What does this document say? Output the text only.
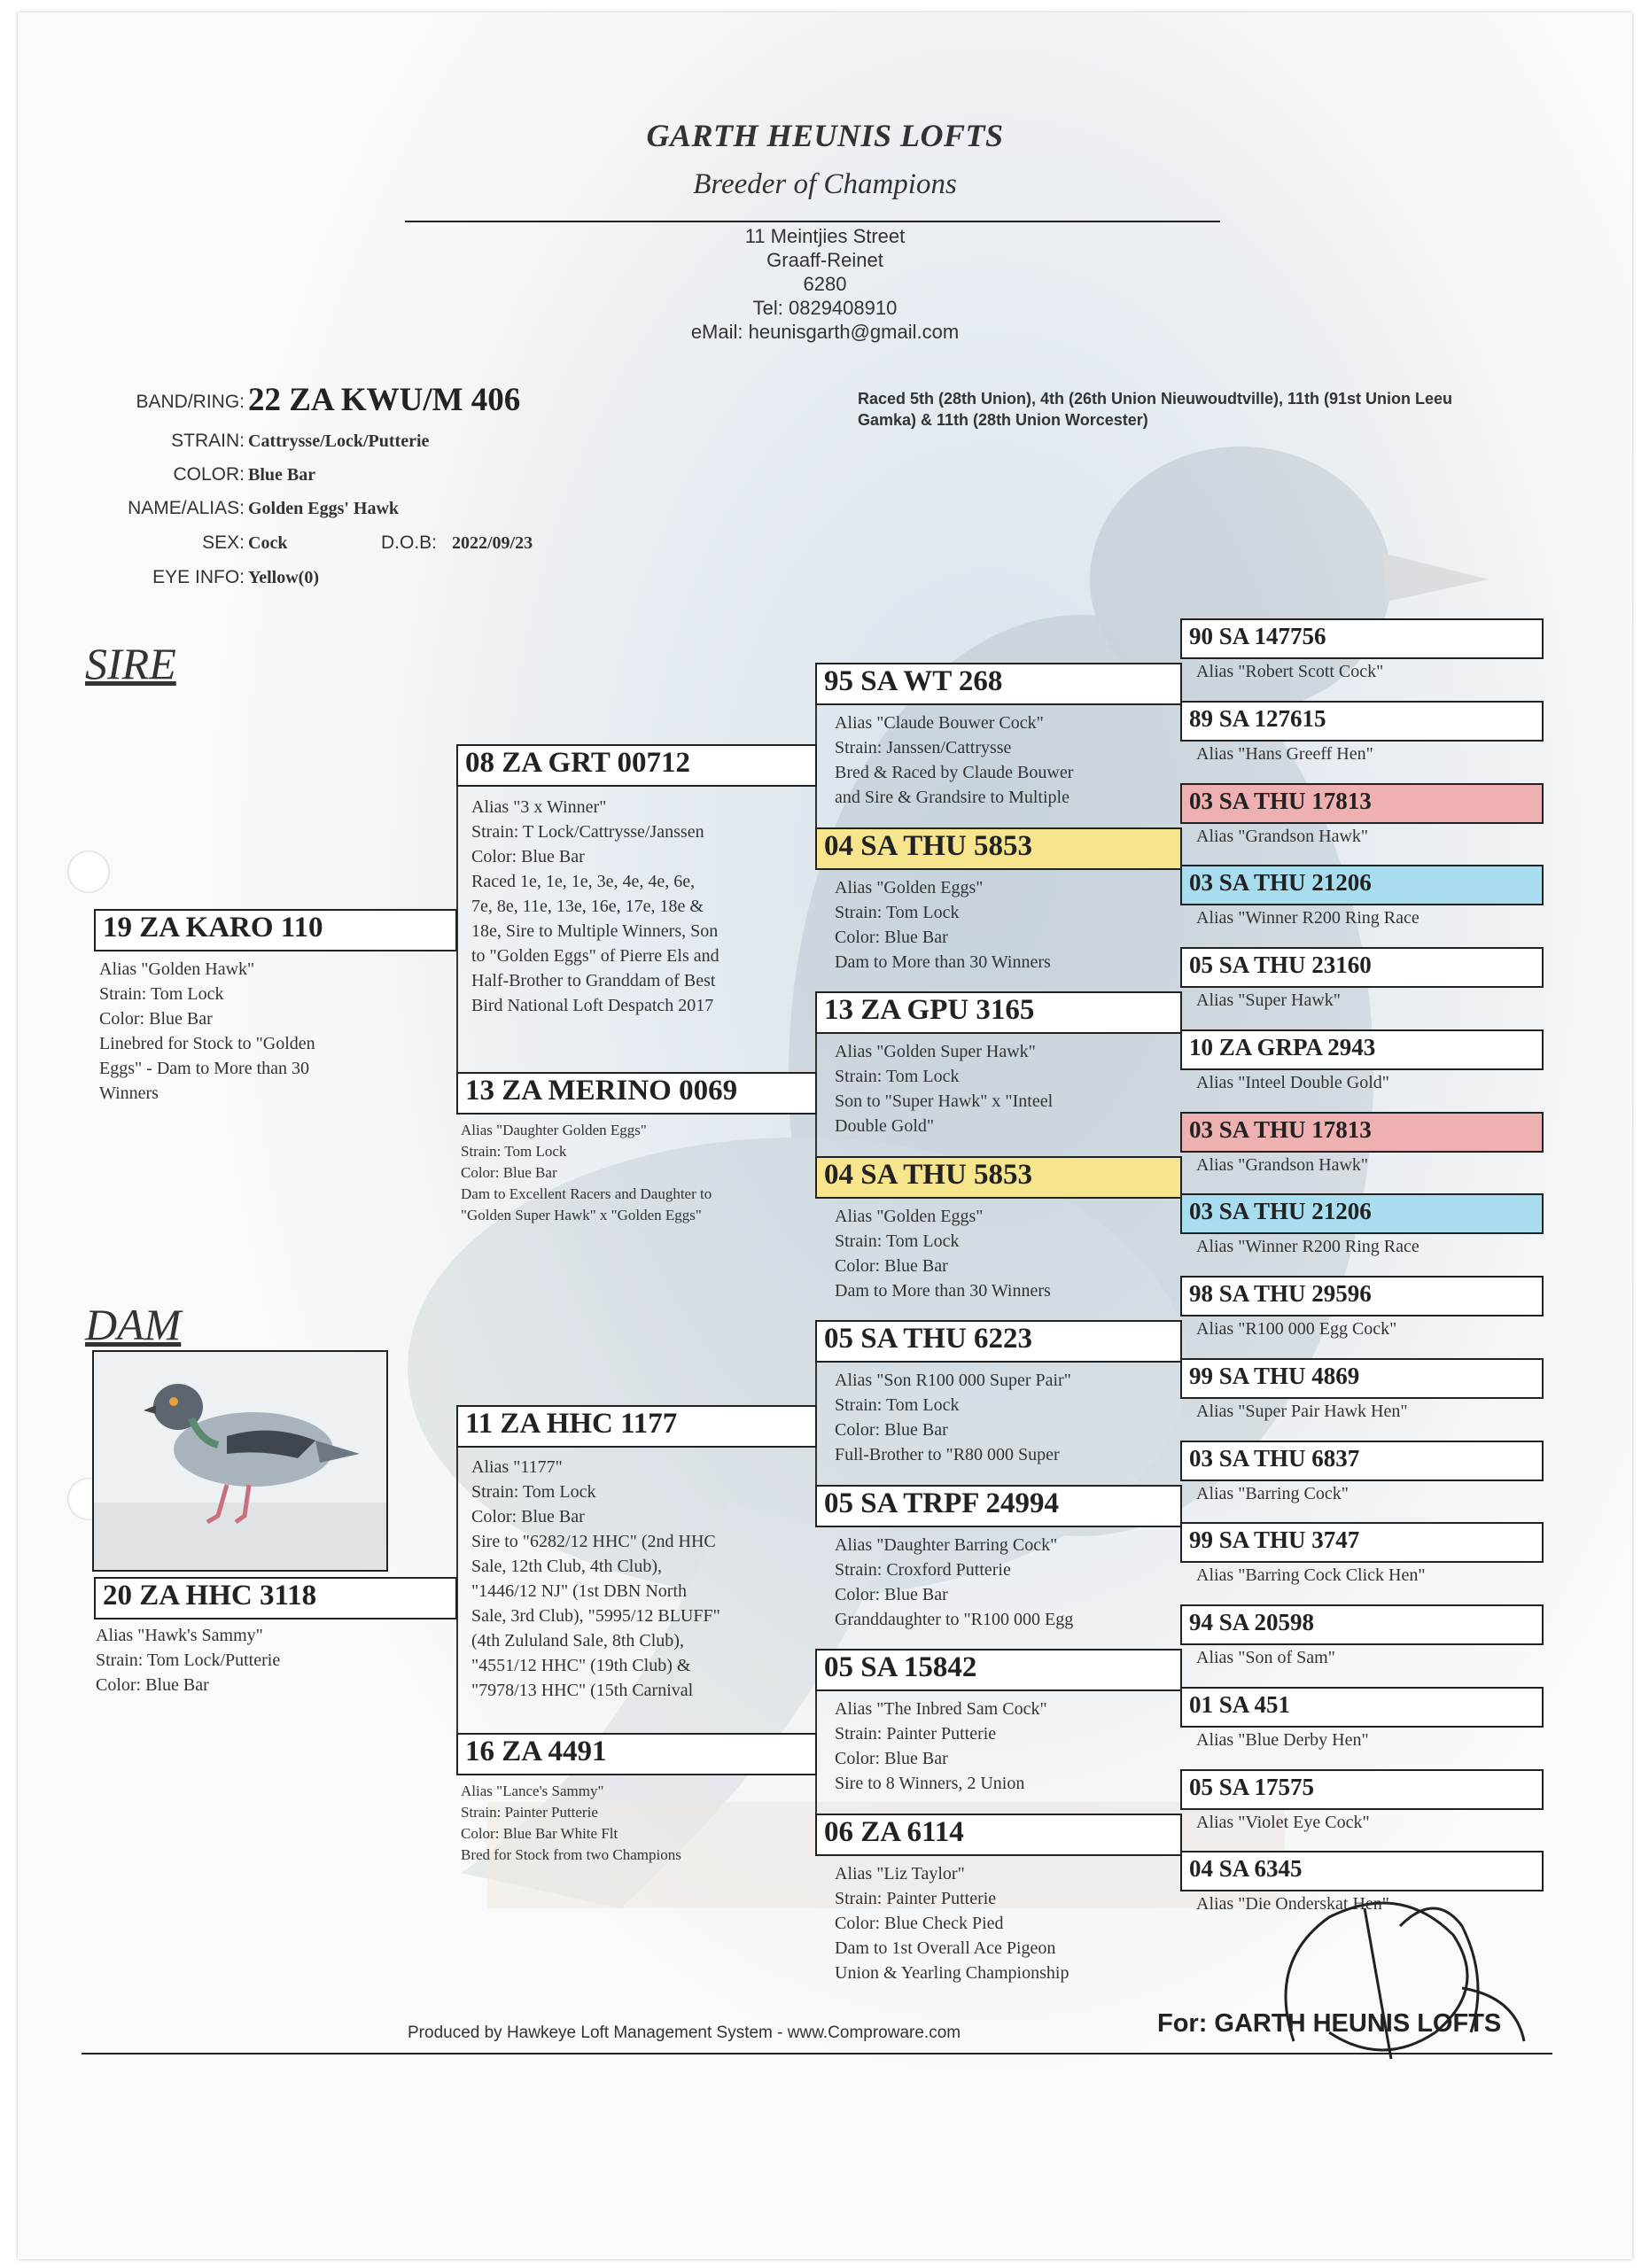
GARTH HEUNIS LOFTS
Breeder of Champions
11 Meintjies Street
Graaff-Reinet
6280
Tel: 0829408910
eMail: heunisgarth@gmail.com
BAND/RING: 22 ZA KWU/M 406
STRAIN: Cattrysse/Lock/Putterie
COLOR: Blue Bar
NAME/ALIAS: Golden Eggs' Hawk
SEX: Cock	D.O.B: 2022/09/23
EYE INFO: Yellow(0)
Raced 5th (28th Union), 4th (26th Union Nieuwoudtville), 11th (91st Union Leeu Gamka) & 11th (28th Union Worcester)
SIRE
DAM
19 ZA KARO 110
Alias "Golden Hawk"
Strain: Tom Lock
Color: Blue Bar
Linebred for Stock to "Golden
Eggs" - Dam to More than 30
Winners
20 ZA HHC 3118
Alias "Hawk's Sammy"
Strain: Tom Lock/Putterie
Color: Blue Bar
08 ZA GRT 00712
Alias "3 x Winner"
Strain: T Lock/Cattrysse/Janssen
Color: Blue Bar
Raced 1e, 1e, 1e, 3e, 4e, 4e, 6e,
7e, 8e, 11e, 13e, 16e, 17e, 18e &
18e, Sire to Multiple Winners, Son
to "Golden Eggs" of Pierre Els and
Half-Brother to Granddam of Best
Bird National Loft Despatch 2017
13 ZA MERINO 0069
Alias "Daughter Golden Eggs"
Strain: Tom Lock
Color: Blue Bar
Dam to Excellent Racers and Daughter to
"Golden Super Hawk" x "Golden Eggs"
11 ZA HHC 1177
Alias "1177"
Strain: Tom Lock
Color: Blue Bar
Sire to "6282/12 HHC" (2nd HHC
Sale, 12th Club, 4th Club),
"1446/12 NJ" (1st DBN North
Sale, 3rd Club), "5995/12 BLUFF"
(4th Zululand Sale, 8th Club),
"4551/12 HHC" (19th Club) &
"7978/13 HHC" (15th Carnival
16 ZA 4491
Alias "Lance's Sammy"
Strain: Painter Putterie
Color: Blue Bar White Flt
Bred for Stock from two Champions
95 SA WT 268
Alias "Claude Bouwer Cock"
Strain: Janssen/Cattrysse
Bred & Raced by Claude Bouwer
and Sire & Grandsire to Multiple
04 SA THU 5853
Alias "Golden Eggs"
Strain: Tom Lock
Color: Blue Bar
Dam to More than 30 Winners
13 ZA GPU 3165
Alias "Golden Super Hawk"
Strain: Tom Lock
Son to "Super Hawk" x "Inteel
Double Gold"
04 SA THU 5853
Alias "Golden Eggs"
Strain: Tom Lock
Color: Blue Bar
Dam to More than 30 Winners
05 SA THU 6223
Alias "Son R100 000 Super Pair"
Strain: Tom Lock
Color: Blue Bar
Full-Brother to "R80 000 Super
05 SA TRPF 24994
Alias "Daughter Barring Cock"
Strain: Croxford Putterie
Color: Blue Bar
Granddaughter to "R100 000 Egg
05 SA 15842
Alias "The Inbred Sam Cock"
Strain: Painter Putterie
Color: Blue Bar
Sire to 8 Winners, 2 Union
06 ZA 6114
Alias "Liz Taylor"
Strain: Painter Putterie
Color: Blue Check Pied
Dam to 1st Overall Ace Pigeon
Union & Yearling Championship
90 SA 147756
Alias "Robert Scott Cock"
89 SA 127615
Alias "Hans Greeff Hen"
03 SA THU 17813
Alias "Grandson Hawk"
03 SA THU 21206
Alias "Winner R200 Ring Race
05 SA THU 23160
Alias "Super Hawk"
10 ZA GRPA 2943
Alias "Inteel Double Gold"
03 SA THU 17813
Alias "Grandson Hawk"
03 SA THU 21206
Alias "Winner R200 Ring Race
98 SA THU 29596
Alias "R100 000 Egg Cock"
99 SA THU 4869
Alias "Super Pair Hawk Hen"
03 SA THU 6837
Alias "Barring Cock"
99 SA THU 3747
Alias "Barring Cock Click Hen"
94 SA 20598
Alias "Son of Sam"
01 SA 451
Alias "Blue Derby Hen"
05 SA 17575
Alias "Violet Eye Cock"
04 SA 6345
Alias "Die Onderskat Hen"
Produced by Hawkeye Loft Management System - www.Comproware.com	For: GARTH HEUNIS LOFTS
